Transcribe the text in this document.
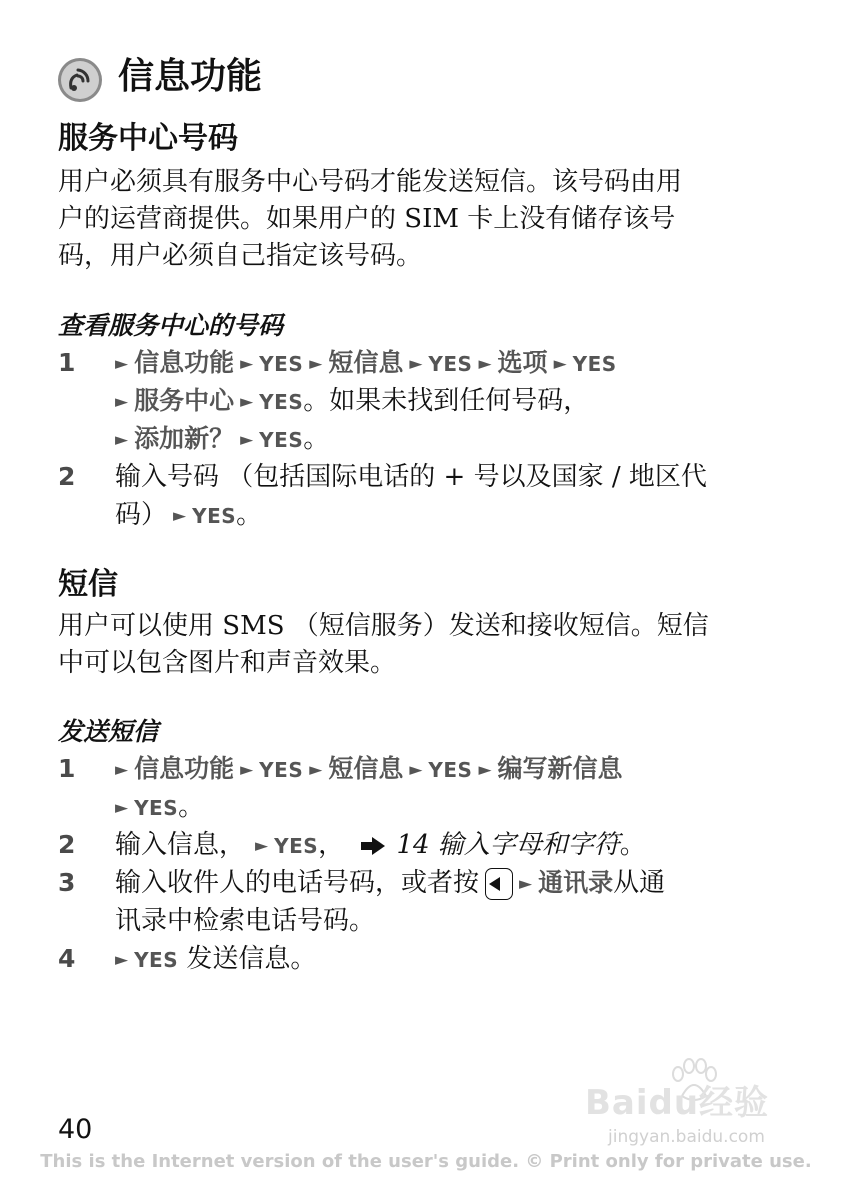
信息功能
服务中心号码
用户必须具有服务中心号码才能发送短信。该号码由用
户的运营商提供。如果用户的 SIM 卡上没有储存该号
码，用户必须自己指定该号码。
查看服务中心的号码
1	► 信息功能 ► YES ► 短信息 ► YES ► 选项 ► YES
► 服务中心 ► YES。如果未找到任何号码，
► 添加新？ ► YES。
2	输入号码 （包括国际电话的 + 号以及国家 / 地区代
码） ► YES。
短信
用户可以使用 SMS （短信服务）发送和接收短信。短信
中可以包含图片和声音效果。
发送短信
1	► 信息功能 ► YES ► 短信息 ► YES ► 编写新信息
► YES。
2	输入信息， ► YES， 14 输入字母和字符。
3	输入收件人的电话号码，或者按 ► 通讯录从通
讯录中检索电话号码。
4	► YES 发送信息。
Baidu经验
jingyan.baidu.com
40
This is the Internet version of the user's guide. © Print only for private use.
